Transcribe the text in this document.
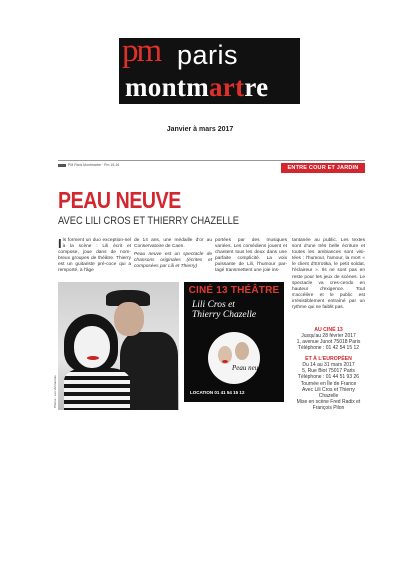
pm paris
montmartre
Janvier à mars 2017
PM Paris Montmartre · Pm 15-16	ENTRE COUR ET JARDIN
PEAU NEUVE
AVEC LILI CROS ET THIERRY CHAZELLE
Ils forment un duo exception-nel à la scène : Lili écrit et compose, joue dans de nom-breux groupes de théâtre. Thierry est un guitariste pré-coce qui a remporté, à l'âge

de 14 ans, une médaille d'or au Conservatoire de Caen.

Peau neuve est un spectacle de chansons originales (écrites et composées par Lili et Thierry)

portées par des musiques variées. Les comédiens jouent et chantent tous les deux dans une parfaite complicité. La voix puissante de Lili, l'humour par-tagé transmettent une joie ins-
tantanée au public. Les textes sont d'une très belle écriture et toutes les ambiances sont visi-tées : l'humour, l'amour, la mort « le client d'Errotika, le petit soldat, l'éclaireur ». Ils ne sont pas en reste pour les jeux de scènes. Le spectacle va cres-cendo en hauteur d'exigence. Tout s'accélère et le public est irrésistiblement entraîné par un rythme qui ne faiblit pas.
Photos : Lou Vermantois
CINÉ 13 THÉÂTRE
Lili Cros et
Thierry Chazelle
Peau neuve
LOCATION 01 41 54 15 12
AU CINÉ 13
Jusqu'au 28 février 2017
1, avenue Junot 75018 Paris
Téléphone : 01 42 54 15 12
ET À L'EUROPÉEN
Du 14 au 31 mars 2017
5, Rue Biot 75017 Paris
Téléphone : 01 44 51 93 26
Tournée en Île de France
Avec Lili Cros et Thierry
Chazelle
Mise en scène Fred Radix et
François Pilon
